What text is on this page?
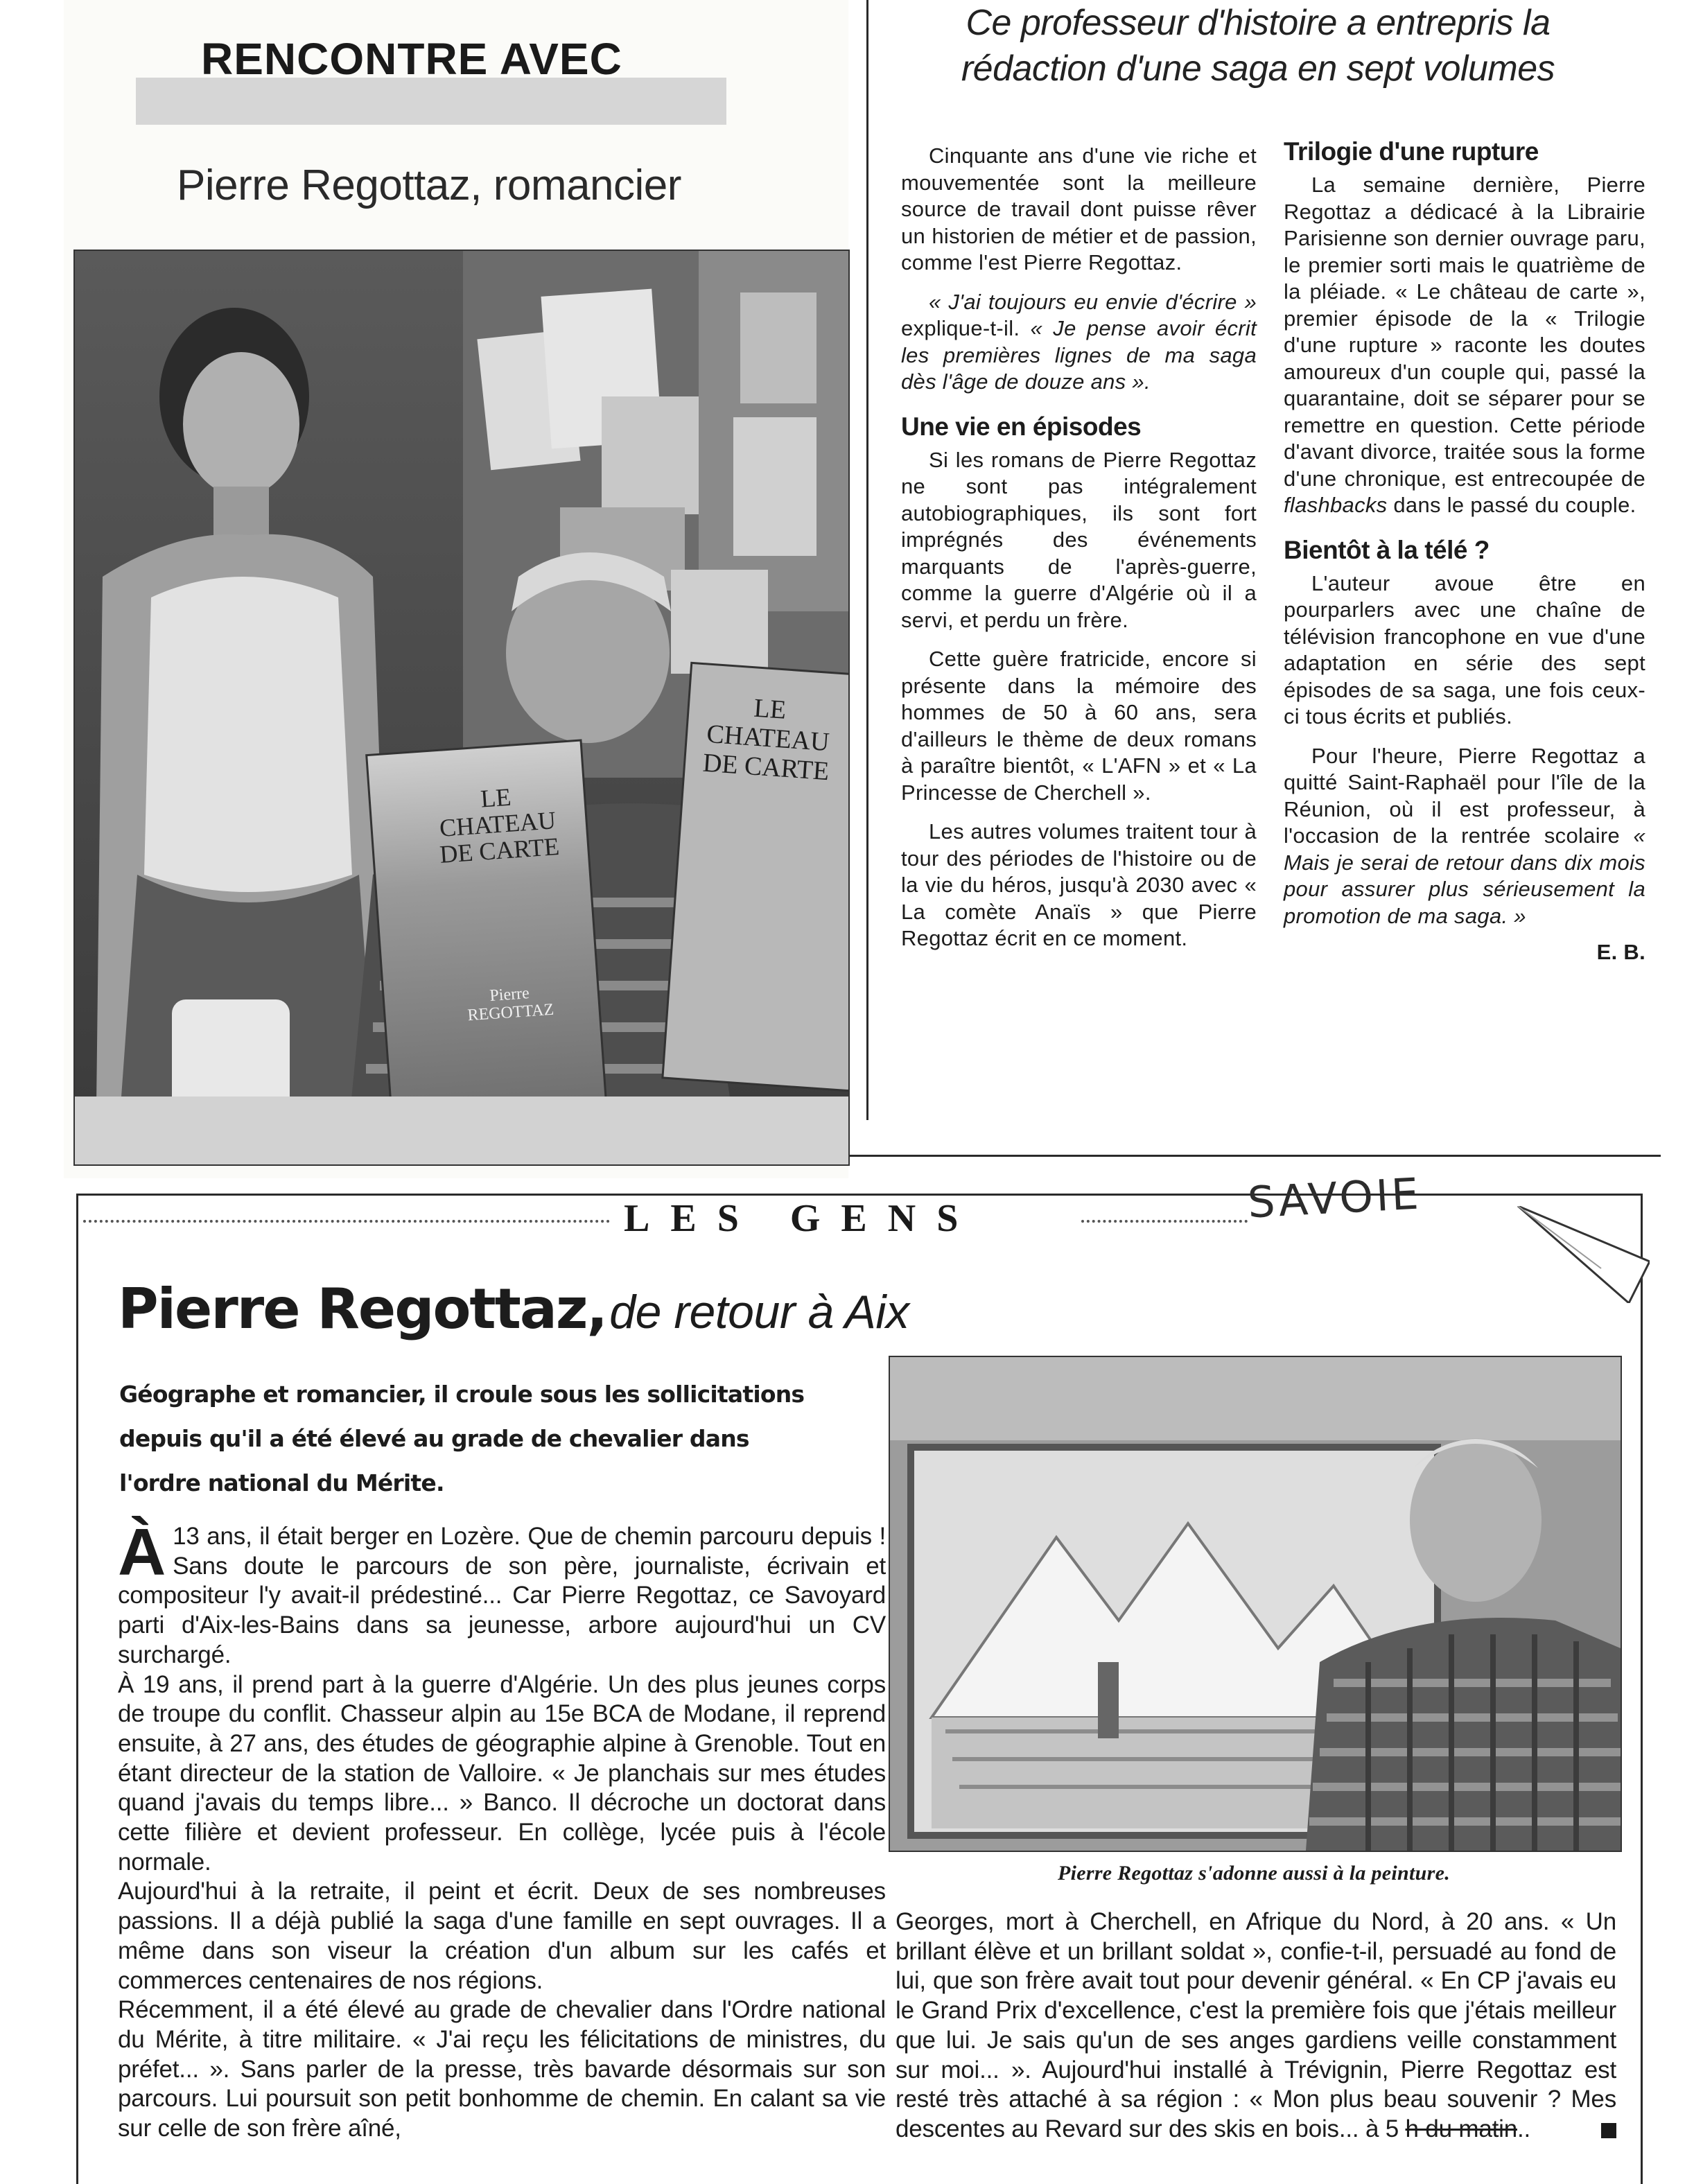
RENCONTRE AVEC
Pierre Regottaz, romancier
LE CHATEAU DE CARTE
Pierre REGOTTAZ
LE CHATEAU DE CARTE
Ce professeur d'histoire a entrepris la rédaction d'une saga en sept volumes

Cinquante ans d'une vie riche et mouvementée sont la meilleure source de travail dont puisse rêver un historien de métier et de passion, comme l'est Pierre Regottaz.

« J'ai toujours eu envie d'écrire » explique-t-il. « Je pense avoir écrit les premières lignes de ma saga dès l'âge de douze ans ».

Une vie en épisodes

Si les romans de Pierre Regottaz ne sont pas intégralement autobiographiques, ils sont fort imprégnés des événements marquants de l'après-guerre, comme la guerre d'Algérie où il a servi, et perdu un frère.

Cette guère fratricide, encore si présente dans la mémoire des hommes de 50 à 60 ans, sera d'ailleurs le thème de deux romans à paraître bientôt, « L'AFN » et « La Princesse de Cherchell ».

Les autres volumes traitent tour à tour des périodes de l'histoire ou de la vie du héros, jusqu'à 2030 avec « La comète Anaïs » que Pierre Regottaz écrit en ce moment.

Trilogie d'une rupture

La semaine dernière, Pierre Regottaz a dédicacé à la Librairie Parisienne son dernier ouvrage paru, le premier sorti mais le quatrième de la pléiade. « Le château de carte », premier épisode de la « Trilogie d'une rupture » raconte les doutes amoureux d'un couple qui, passé la quarantaine, doit se séparer pour se remettre en question. Cette période d'avant divorce, traitée sous la forme d'une chronique, est entrecoupée de flashbacks dans le passé du couple.

Bientôt à la télé ?

L'auteur avoue être en pourparlers avec une chaîne de télévision francophone en vue d'une adaptation en série des sept épisodes de sa saga, une fois ceux-ci tous écrits et publiés.

Pour l'heure, Pierre Regottaz a quitté Saint-Raphaël pour l'île de la Réunion, où il est professeur, à l'occasion de la rentrée scolaire « Mais je serai de retour dans dix mois pour assurer plus sérieusement la promotion de ma saga. »

E. B.
LES GENS	SAVOIE
Pierre Regottaz, de retour à Aix
Géographe et romancier, il croule sous les sollicitations depuis qu'il a été élevé au grade de chevalier dans l'ordre national du Mérite.

À 13 ans, il était berger en Lozère. Que de chemin parcouru depuis ! Sans doute le parcours de son père, journaliste, écrivain et compositeur l'y avait-il prédestiné... Car Pierre Regottaz, ce Savoyard parti d'Aix-les-Bains dans sa jeunesse, arbore aujourd'hui un CV surchargé.

À 19 ans, il prend part à la guerre d'Algérie. Un des plus jeunes corps de troupe du conflit. Chasseur alpin au 15e BCA de Modane, il reprend ensuite, à 27 ans, des études de géographie alpine à Grenoble. Tout en étant directeur de la station de Valloire. « Je planchais sur mes études quand j'avais du temps libre... » Banco. Il décroche un doctorat dans cette filière et devient professeur. En collège, lycée puis à l'école normale.

Aujourd'hui à la retraite, il peint et écrit. Deux de ses nombreuses passions. Il a déjà publié la saga d'une famille en sept ouvrages. Il a même dans son viseur la création d'un album sur les cafés et commerces centenaires de nos régions.

Récemment, il a été élevé au grade de chevalier dans l'Ordre national du Mérite, à titre militaire. « J'ai reçu les félicitations de ministres, du préfet... ». Sans parler de la presse, très bavarde désormais sur son parcours. Lui poursuit son petit bonhomme de chemin. En calant sa vie sur celle de son frère aîné,

Pierre Regottaz s'adonne aussi à la peinture.

Georges, mort à Cherchell, en Afrique du Nord, à 20 ans. « Un brillant élève et un brillant soldat », confie-t-il, persuadé au fond de lui, que son frère avait tout pour devenir général. « En CP j'avais eu le Grand Prix d'excellence, c'est la première fois que j'étais meilleur que lui. Je sais qu'un de ses anges gardiens veille constamment sur moi... ». Aujourd'hui installé à Trévignin, Pierre Regottaz est resté très attaché à sa région : « Mon plus beau souvenir ? Mes descentes au Revard sur des skis en bois... à 5 h du matin..
